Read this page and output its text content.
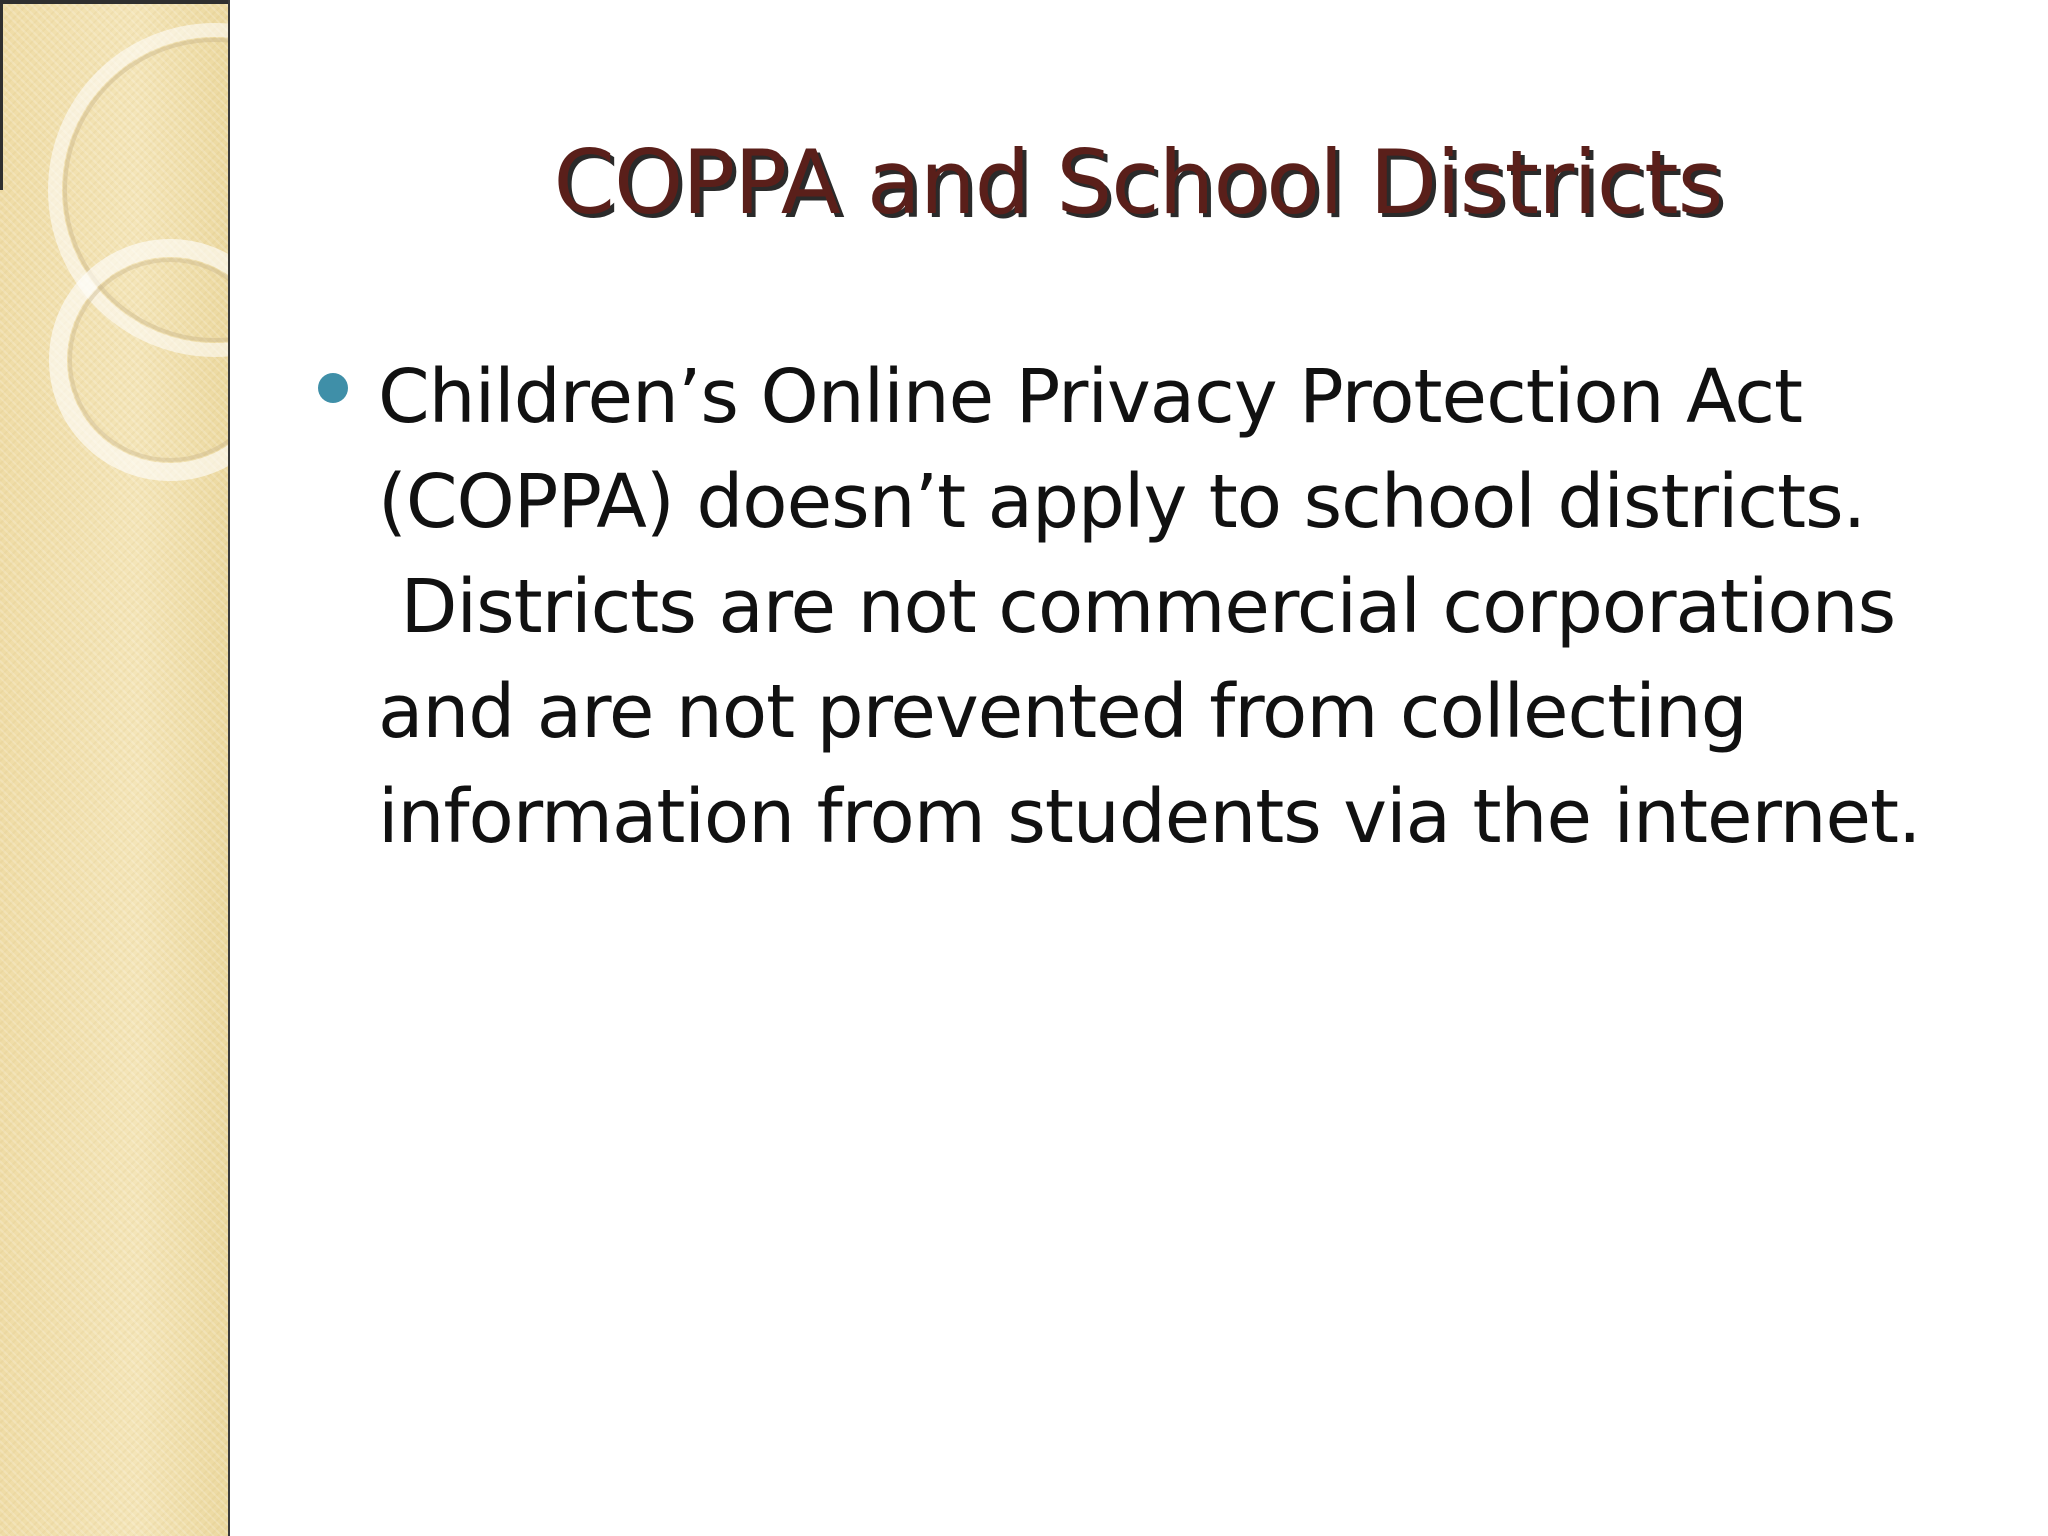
COPPA and School Districts
Children’s Online Privacy Protection Act
(COPPA) doesn’t apply to school districts.
Districts are not commercial corporations
and are not prevented from collecting
information from students via the internet.
